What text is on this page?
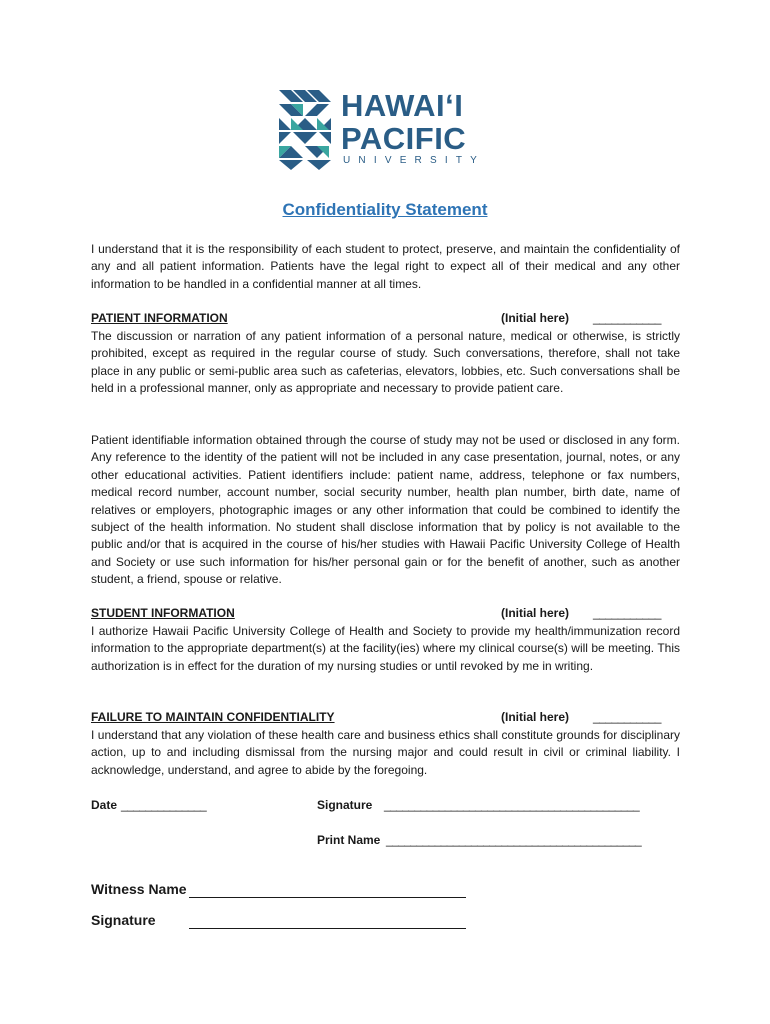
HAWAIʻI
PACIFIC
UNIVERSITY
Confidentiality Statement

I understand that it is the responsibility of each student to protect, preserve, and maintain the confidentiality of any and all patient information. Patients have the legal right to expect all of their medical and any other information to be handled in a confidential manner at all times.

PATIENT INFORMATION	(Initial here) ___________

The discussion or narration of any patient information of a personal nature, medical or otherwise, is strictly prohibited, except as required in the regular course of study. Such conversations, therefore, shall not take place in any public or semi-public area such as cafeterias, elevators, lobbies, etc. Such conversations shall be held in a professional manner, only as appropriate and necessary to provide patient care.

Patient identifiable information obtained through the course of study may not be used or disclosed in any form. Any reference to the identity of the patient will not be included in any case presentation, journal, notes, or any other educational activities. Patient identifiers include: patient name, address, telephone or fax numbers, medical record number, account number, social security number, health plan number, birth date, name of relatives or employers, photographic images or any other information that could be combined to identify the subject of the health information. No student shall disclose information that by policy is not available to the public and/or that is acquired in the course of his/her studies with Hawaii Pacific University College of Health and Society or use such information for his/her personal gain or for the benefit of another, such as another student, a friend, spouse or relative.

STUDENT INFORMATION	(Initial here) ___________

I authorize Hawaii Pacific University College of Health and Society to provide my health/immunization record information to the appropriate department(s) at the facility(ies) where my clinical course(s) will be meeting. This authorization is in effect for the duration of my nursing studies or until revoked by me in writing.

FAILURE TO MAINTAIN CONFIDENTIALITY	(Initial here) ___________

I understand that any violation of these health care and business ethics shall constitute grounds for disciplinary action, up to and including dismissal from the nursing major and could result in civil or criminal liability. I acknowledge, understand, and agree to abide by the foregoing.

Date ______________	Signature __________________________________________
Print Name __________________________________________
Witness Name
Signature
